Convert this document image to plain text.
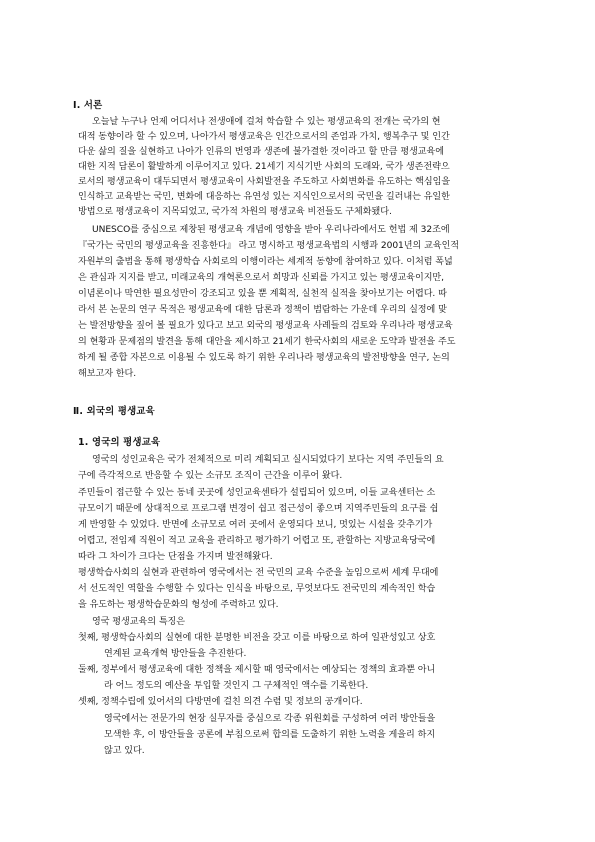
Ⅰ. 서론
오늘날 누구나 언제 어디서나 전생애에 걸쳐 학습할 수 있는 평생교육의 전개는 국가의 현
대적 동향이라 할 수 있으며, 나아가서 평생교육은 인간으로서의 존엄과 가치, 행복추구 및 인간
다운 삶의 질을 실현하고 나아가 인류의 번영과 생존에 불가결한 것이라고 할 만큼 평생교육에
대한 지적 담론이 활발하게 이루어지고 있다. 21세기 지식기반 사회의 도래와, 국가 생존전략으
로서의 평생교육이 대두되면서 평생교육이 사회발전을 주도하고 사회변화를 유도하는 핵심임을
인식하고 교육받는 국민, 변화에 대응하는 유연성 있는 지식인으로서의 국민을 길러내는 유일한
방법으로 평생교육이 지목되었고, 국가적 차원의 평생교육 비전들도 구체화됐다.
UNESCO를 중심으로 제창된 평생교육 개념에 영향을 받아 우리나라에서도 헌법 제 32조에
『국가는 국민의 평생교육을 진흥한다』 라고 명시하고 평생교육법의 시행과 2001년의 교육인적
자원부의 출범을 통해 평생학습 사회로의 이행이라는 세계적 동향에 참여하고 있다. 이처럼 폭넓
은 관심과 지지를 받고, 미래교육의 개혁론으로서 희망과 신뢰를 가지고 있는 평생교육이지만,
이념론이나 막연한 필요성만이 강조되고 있을 뿐 계획적, 실천적 실적을 찾아보기는 어렵다. 따
라서 본 논문의 연구 목적은 평생교육에 대한 담론과 정책이 범람하는 가운데 우리의 실정에 맞
는 발전방향을 짚어 볼 필요가 있다고 보고 외국의 평생교육 사례들의 검토와 우리나라 평생교육
의 현황과 문제점의 발견을 통해 대안을 제시하고 21세기 한국사회의 새로운 도약과 발전을 주도
하게 될 종합 자본으로 이용될 수 있도록 하기 위한 우리나라 평생교육의 발전방향을 연구, 논의
해보고자 한다.
Ⅱ. 외국의 평생교육
1. 영국의 평생교육
영국의 성인교육은 국가 전체적으로 미리 계획되고 실시되었다기 보다는 지역 주민들의 요
구에 즉각적으로 반응할 수 있는 소규모 조직이 근간을 이루어 왔다.
주민들이 접근할 수 있는 동네 곳곳에 성인교육센타가 설립되어 있으며, 이들 교육센터는 소
규모이기 때문에 상대적으로 프로그램 변경이 쉽고 접근성이 좋으며 지역주민들의 요구를 쉽
게 반영할 수 있었다. 반면에 소규모로 여러 곳에서 운영되다 보니, 멋있는 시설을 갖추기가
어렵고, 전임제 직원이 적고 교육을 관리하고 평가하기 어렵고 또, 관할하는 지방교육당국에
따라 그 차이가 크다는 단점을 가지며 발전해왔다.
평생학습사회의 실현과 관련하여 영국에서는 전 국민의 교육 수준을 높임으로써 세계 무대에
서 선도적인 역할을 수행할 수 있다는 인식을 바탕으로, 무엇보다도 전국민의 계속적인 학습
을 유도하는 평생학습문화의 형성에 주력하고 있다.
영국 평생교육의 특징은
첫째, 평생학습사회의 실현에 대한 분명한 비전을 갖고 이를 바탕으로 하여 일관성있고 상호
연계된 교육개혁 방안들을 추진한다.
둘째, 정부에서 평생교육에 대한 정책을 제시할 때 영국에서는 예상되는 정책의 효과뿐 아니
라 어느 정도의 예산을 투입할 것인지 그 구체적인 액수를 기록한다.
셋째, 정책수립에 있어서의 다방면에 걸친 의견 수렴 및 정보의 공개이다.
영국에서는 전문가의 현장 실무자를 중심으로 각종 위원회를 구성하여 여러 방안들을
모색한 후, 이 방안들을 공론에 부침으로써 합의를 도출하기 위한 노력을 게을리 하지
않고 있다.
